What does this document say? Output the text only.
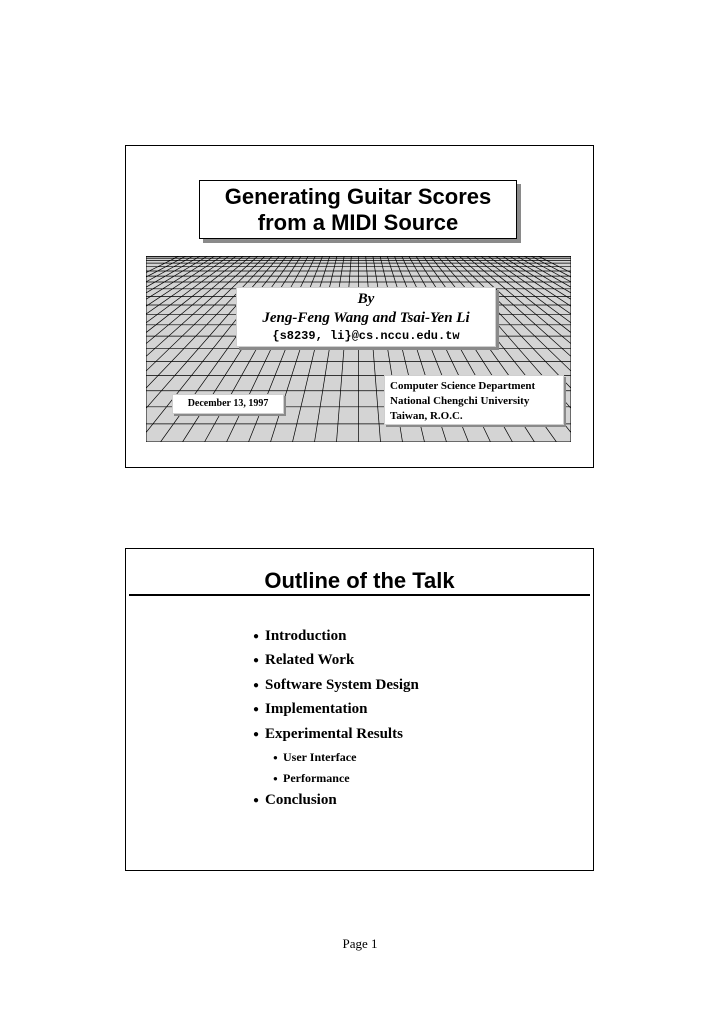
Generating Guitar Scores
from a MIDI Source
By
Jeng-Feng Wang and Tsai-Yen Li
{s8239, li}@cs.nccu.edu.tw
December 13, 1997
Computer Science Department
National Chengchi University
Taiwan, R.O.C.
Outline of the Talk
● Introduction
● Related Work
● Software System Design
● Implementation
● Experimental Results
● User Interface
● Performance
● Conclusion
Page 1
